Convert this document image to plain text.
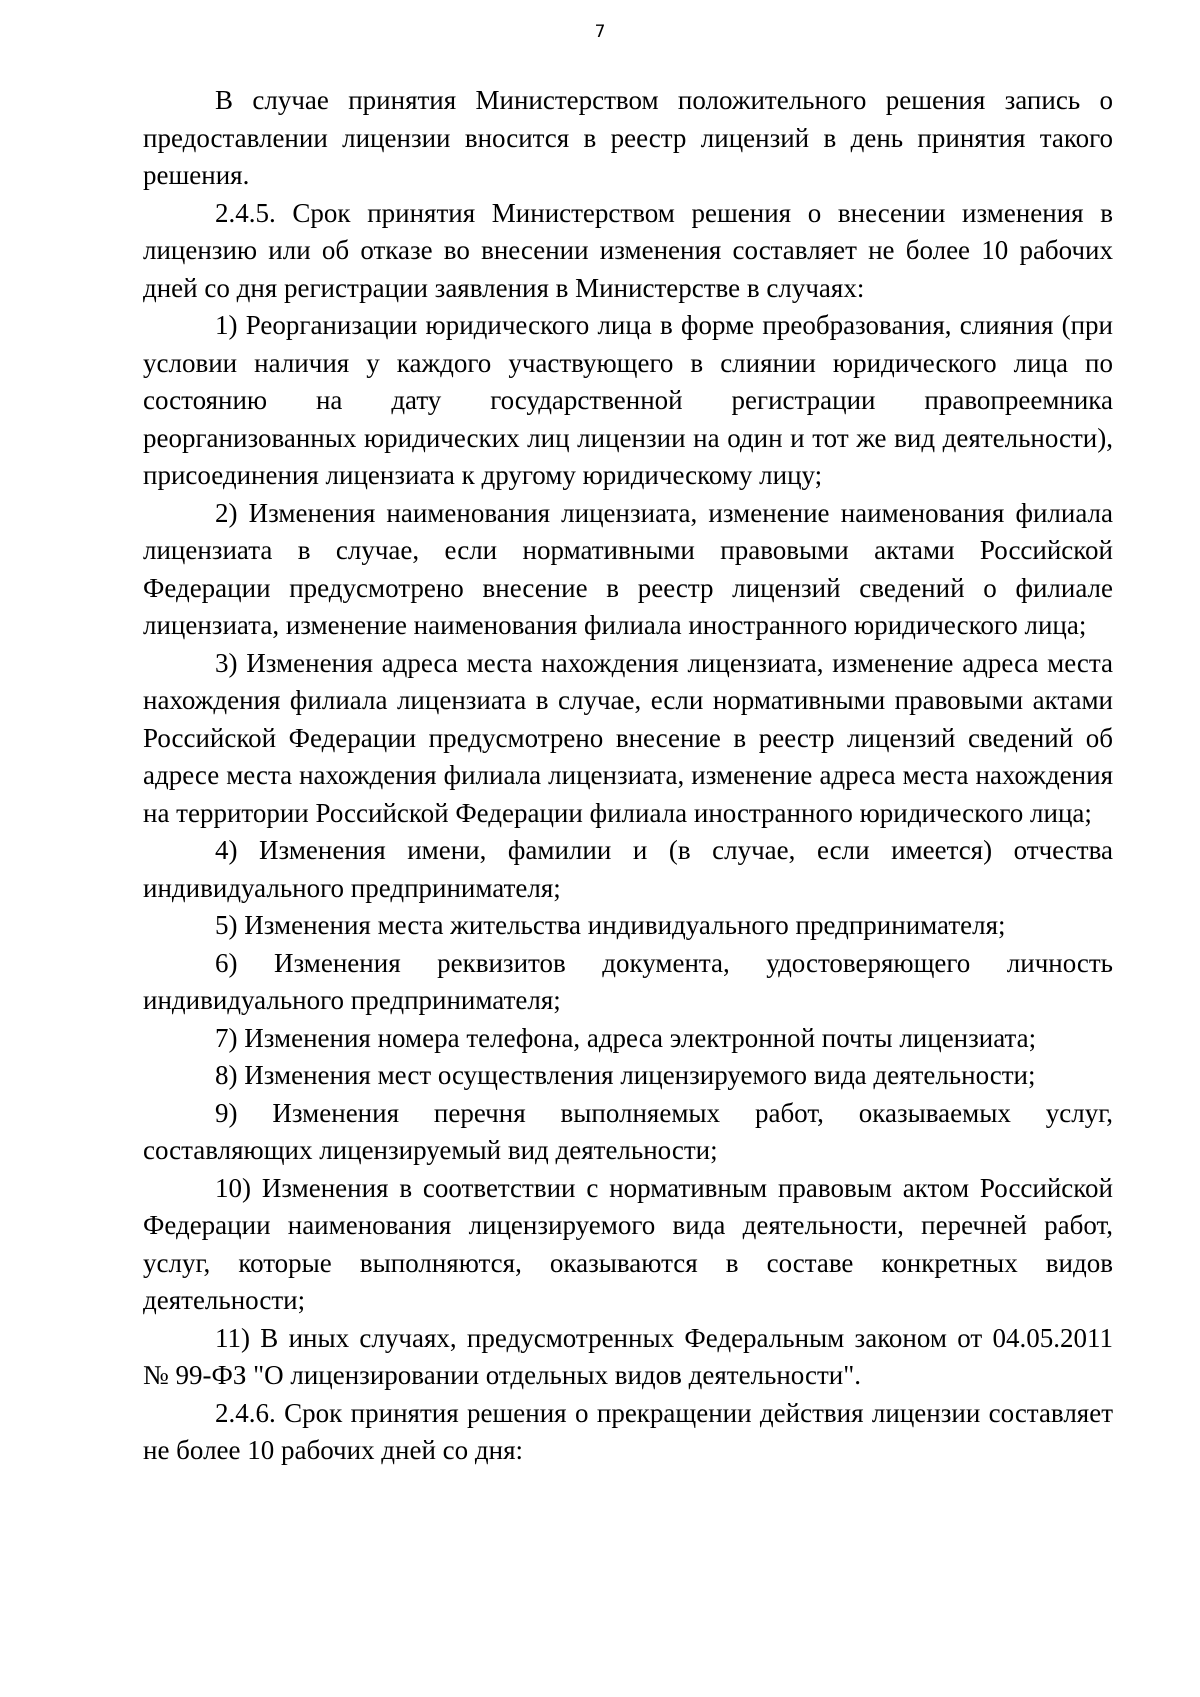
7

В случае принятия Министерством положительного решения запись о предоставлении лицензии вносится в реестр лицензий в день принятия такого решения.

2.4.5. Срок принятия Министерством решения о внесении изменения в лицензию или об отказе во внесении изменения составляет не более 10 рабочих дней со дня регистрации заявления в Министерстве в случаях:

1) Реорганизации юридического лица в форме преобразования, слияния (при условии наличия у каждого участвующего в слиянии юридического лица по состоянию на дату государственной регистрации правопреемника реорганизованных юридических лиц лицензии на один и тот же вид деятельности), присоединения лицензиата к другому юридическому лицу;

2) Изменения наименования лицензиата, изменение наименования филиала лицензиата в случае, если нормативными правовыми актами Российской Федерации предусмотрено внесение в реестр лицензий сведений о филиале лицензиата, изменение наименования филиала иностранного юридического лица;

3) Изменения адреса места нахождения лицензиата, изменение адреса места нахождения филиала лицензиата в случае, если нормативными правовыми актами Российской Федерации предусмотрено внесение в реестр лицензий сведений об адресе места нахождения филиала лицензиата, изменение адреса места нахождения на территории Российской Федерации филиала иностранного юридического лица;

4) Изменения имени, фамилии и (в случае, если имеется) отчества индивидуального предпринимателя;

5) Изменения места жительства индивидуального предпринимателя;

6) Изменения реквизитов документа, удостоверяющего личность индивидуального предпринимателя;

7) Изменения номера телефона, адреса электронной почты лицензиата;

8) Изменения мест осуществления лицензируемого вида деятельности;

9) Изменения перечня выполняемых работ, оказываемых услуг, составляющих лицензируемый вид деятельности;

10) Изменения в соответствии с нормативным правовым актом Российской Федерации наименования лицензируемого вида деятельности, перечней работ, услуг, которые выполняются, оказываются в составе конкретных видов деятельности;

11) В иных случаях, предусмотренных Федеральным законом от 04.05.2011 № 99-ФЗ "О лицензировании отдельных видов деятельности".

2.4.6. Срок принятия решения о прекращении действия лицензии составляет не более 10 рабочих дней со дня:
